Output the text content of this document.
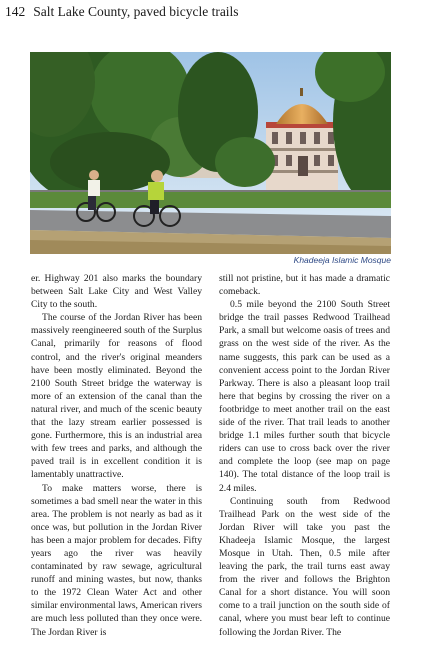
142 Salt Lake County, paved bicycle trails
Khadeeja Islamic Mosque

er. Highway 201 also marks the boundary between Salt Lake City and West Valley City to the south.

The course of the Jordan River has been massively reengineered south of the Surplus Canal, primarily for reasons of flood control, and the river's original meanders have been mostly eliminated. Beyond the 2100 South Street bridge the waterway is more of an extension of the canal than the natural river, and much of the scenic beauty that the lazy stream earlier possessed is gone. Furthermore, this is an industrial area with few trees and parks, and although the paved trail is in excellent condition it is lamentably unattractive.

To make matters worse, there is sometimes a bad smell near the water in this area. The problem is not nearly as bad as it once was, but pollution in the Jordan River has been a major problem for decades. Fifty years ago the river was heavily contaminated by raw sewage, agricultural runoff and mining wastes, but now, thanks to the 1972 Clean Water Act and other similar environmental laws, American rivers are much less polluted than they once were. The Jordan River is

still not pristine, but it has made a dramatic comeback.

0.5 mile beyond the 2100 South Street bridge the trail passes Redwood Trailhead Park, a small but welcome oasis of trees and grass on the west side of the river. As the name suggests, this park can be used as a convenient access point to the Jordan River Parkway. There is also a pleasant loop trail here that begins by crossing the river on a footbridge to meet another trail on the east side of the river. That trail leads to another bridge 1.1 miles further south that bicycle riders can use to cross back over the river and complete the loop (see map on page 140). The total distance of the loop trail is 2.4 miles.

Continuing south from Redwood Trailhead Park on the west side of the Jordan River will take you past the Khadeeja Islamic Mosque, the largest Mosque in Utah. Then, 0.5 mile after leaving the park, the trail turns east away from the river and follows the Brighton Canal for a short distance. You will soon come to a trail junction on the south side of canal, where you must bear left to continue following the Jordan River. The
